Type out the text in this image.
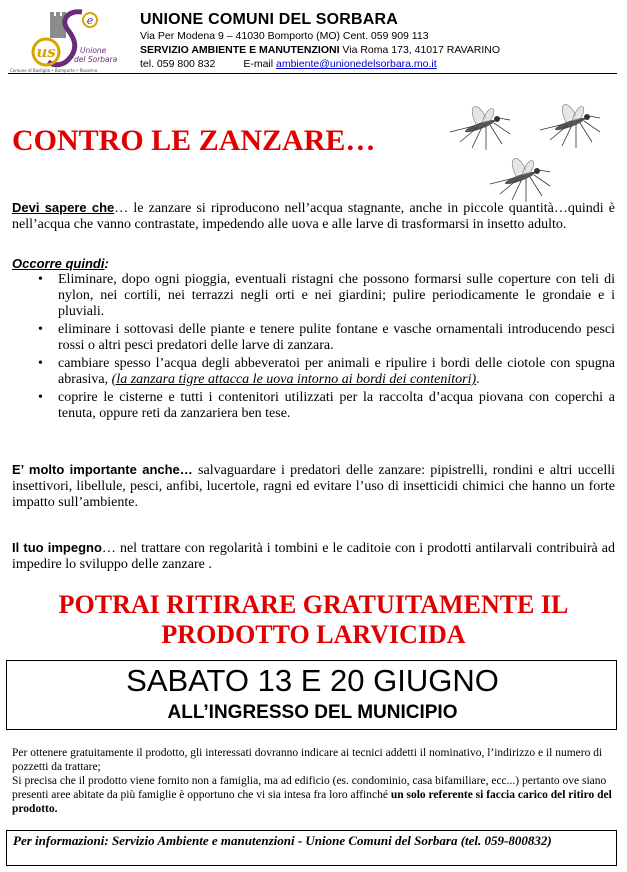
us
e
Unione
del Sorbara
Comune di Bastiglia • Bomporto • Ravarino
UNIONE COMUNI DEL SORBARA
Via Per Modena 9 – 41030 Bomporto (MO) Cent. 059 909 113
SERVIZIO AMBIENTE E MANUTENZIONI Via Roma 173, 41017 RAVARINO
tel. 059 800 832	E-mail ambiente@unionedelsorbara.mo.it
CONTRO LE ZANZARE…
Devi sapere che… le zanzare si riproducono nell’acqua stagnante, anche in piccole quantità…quindi è nell’acqua che vanno contrastate, impedendo alle uova e alle larve di trasformarsi in insetto adulto.
Occorre quindi:
• Eliminare, dopo ogni pioggia, eventuali ristagni che possono formarsi sulle coperture con teli di nylon, nei cortili, nei terrazzi negli orti e nei giardini; pulire periodicamente le grondaie e i pluviali.
• eliminare i sottovasi delle piante e tenere pulite fontane e vasche ornamentali introducendo pesci rossi o altri pesci predatori delle larve di zanzara.
• cambiare spesso l’acqua degli abbeveratoi per animali e ripulire i bordi delle ciotole con spugna abrasiva, (la zanzara tigre attacca le uova intorno ai bordi dei contenitori).
• coprire le cisterne e tutti i contenitori utilizzati per la raccolta d’acqua piovana con coperchi a tenuta, oppure reti da zanzariera ben tese.
E’ molto importante anche… salvaguardare i predatori delle zanzare: pipistrelli, rondini e altri uccelli insettivori, libellule, pesci, anfibi, lucertole, ragni ed evitare l’uso di insetticidi chimici che hanno un forte impatto sull’ambiente.
Il tuo impegno… nel trattare con regolarità i tombini e le caditoie con i prodotti antilarvali contribuirà ad impedire lo sviluppo delle zanzare .
POTRAI RITIRARE GRATUITAMENTE IL
PRODOTTO LARVICIDA
SABATO 13 E 20 GIUGNO
ALL’INGRESSO DEL MUNICIPIO
Per ottenere gratuitamente il prodotto, gli interessati dovranno indicare ai tecnici addetti il nominativo, l’indirizzo e il numero di pozzetti da trattare;
Si precisa che il prodotto viene fornito non a famiglia, ma ad edificio (es. condominio, casa bifamiliare, ecc...) pertanto ove siano presenti aree abitate da più famiglie è opportuno che vi sia intesa fra loro affinché un solo referente si faccia carico del ritiro del prodotto.
Per informazioni: Servizio Ambiente e manutenzioni - Unione Comuni del Sorbara (tel. 059-800832)
